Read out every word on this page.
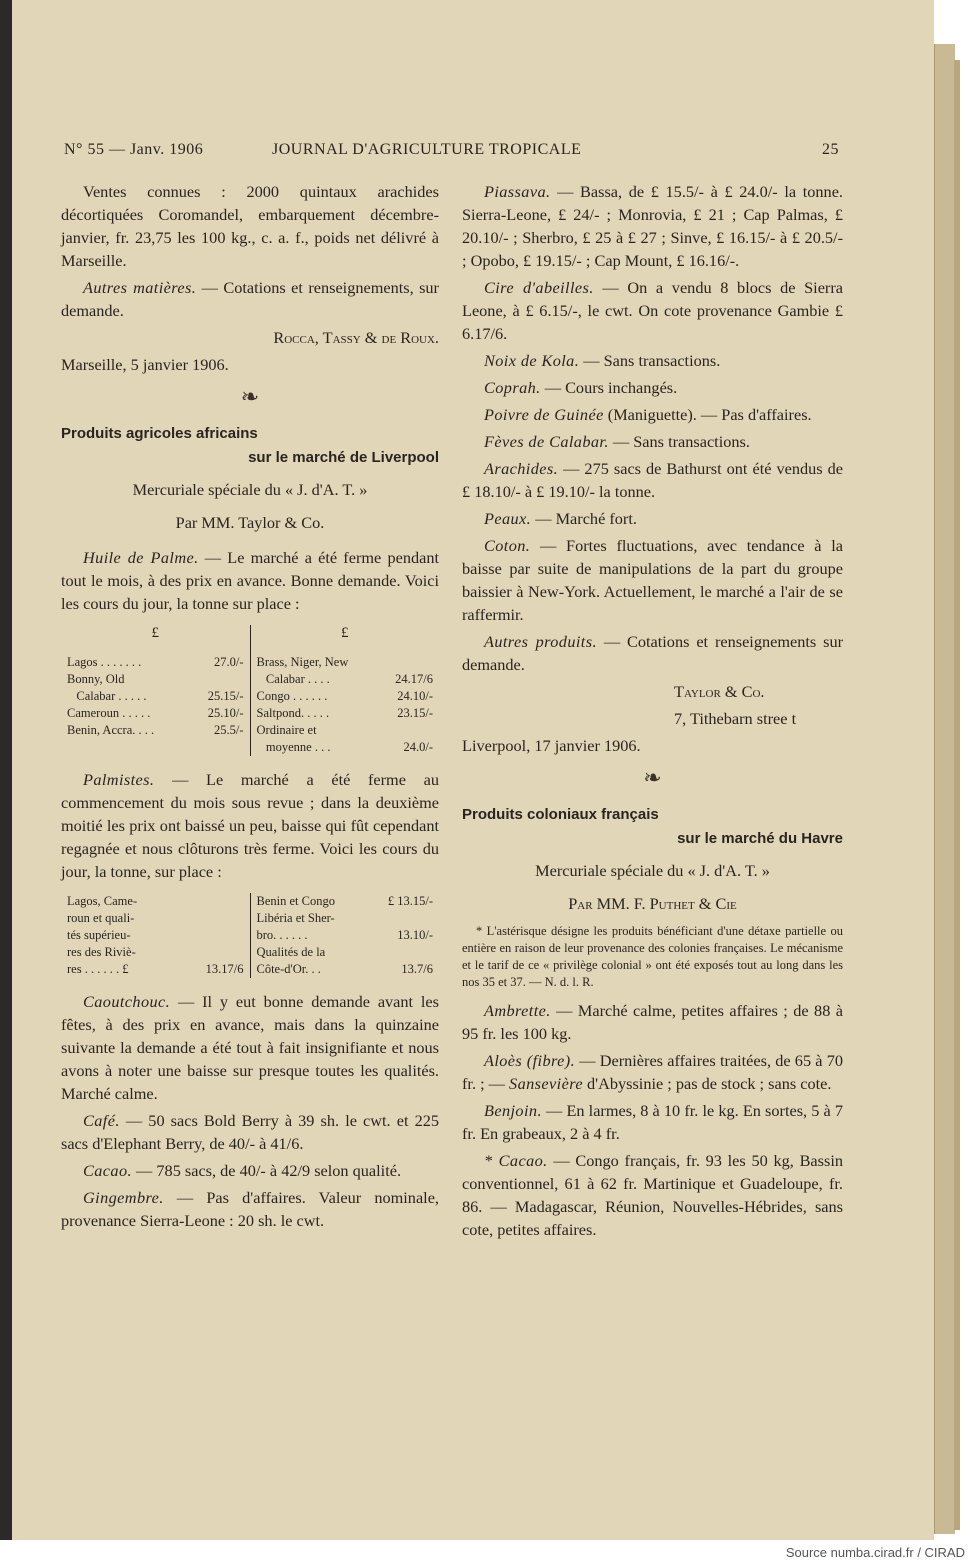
N° 55 — Janv. 1906	JOURNAL D'AGRICULTURE TROPICALE	25

Ventes connues : 2000 quintaux arachides décortiquées Coromandel, embarquement décembre-janvier, fr. 23,75 les 100 kg., c. a. f., poids net délivré à Marseille.

Autres matières. — Cotations et renseignements, sur demande.

Rocca, Tassy & de Roux.

Marseille, 5 janvier 1906.

❧
Produits agricoles africains
sur le marché de Liverpool

Mercuriale spéciale du « J. d'A. T. »

Par MM. Taylor & Co.

Huile de Palme. — Le marché a été ferme pendant tout le mois, à des prix en avance. Bonne demande. Voici les cours du jour, la tonne sur place :

£
Lagos . . . . . . .	27.0/-
Bonny, Old
Calabar . . . . .	25.15/-
Cameroun . . . . .	25.10/-
Benin, Accra. . . .	25.5/-
£
Brass, Niger, New
Calabar . . . .	24.17/6
Congo . . . . . .	24.10/-
Saltpond. . . . .	23.15/-
Ordinaire et
moyenne . . .	24.0/-

Palmistes. — Le marché a été ferme au commencement du mois sous revue ; dans la deuxième moitié les prix ont baissé un peu, baisse qui fût cependant regagnée et nous clôturons très ferme. Voici les cours du jour, la tonne, sur place :

Lagos, Came-
roun et quali-
tés supérieu-
res des Riviè-
res . . . . . . £	13.17/6
Benin et Congo	£ 13.15/-
Libéria et Sher-
bro. . . . . .	13.10/-
Qualités de la
Côte-d'Or. . .	13.7/6

Caoutchouc. — Il y eut bonne demande avant les fêtes, à des prix en avance, mais dans la quinzaine suivante la demande a été tout à fait insignifiante et nous avons à noter une baisse sur presque toutes les qualités. Marché calme.

Café. — 50 sacs Bold Berry à 39 sh. le cwt. et 225 sacs d'Elephant Berry, de 40/- à 41/6.

Cacao. — 785 sacs, de 40/- à 42/9 selon qualité.

Gingembre. — Pas d'affaires. Valeur nominale, provenance Sierra-Leone : 20 sh. le cwt.

Piassava. — Bassa, de £ 15.5/- à £ 24.0/- la tonne. Sierra-Leone, £ 24/- ; Monrovia, £ 21 ; Cap Palmas, £ 20.10/- ; Sherbro, £ 25 à £ 27 ; Sinve, £ 16.15/- à £ 20.5/- ; Opobo, £ 19.15/- ; Cap Mount, £ 16.16/-.

Cire d'abeilles. — On a vendu 8 blocs de Sierra Leone, à £ 6.15/-, le cwt. On cote provenance Gambie £ 6.17/6.

Noix de Kola. — Sans transactions.

Coprah. — Cours inchangés.

Poivre de Guinée (Maniguette). — Pas d'affaires.

Fèves de Calabar. — Sans transactions.

Arachides. — 275 sacs de Bathurst ont été vendus de £ 18.10/- à £ 19.10/- la tonne.

Peaux. — Marché fort.

Coton. — Fortes fluctuations, avec tendance à la baisse par suite de manipulations de la part du groupe baissier à New-York. Actuellement, le marché a l'air de se raffermir.

Autres produits. — Cotations et renseignements sur demande.

Taylor & Co.

7, Tithebarn stree t

Liverpool, 17 janvier 1906.

❧
Produits coloniaux français
sur le marché du Havre

Mercuriale spéciale du « J. d'A. T. »

Par MM. F. Puthet & Cie

* L'astérisque désigne les produits bénéficiant d'une détaxe partielle ou entière en raison de leur provenance des colonies françaises. Le mécanisme et le tarif de ce « privilège colonial » ont été exposés tout au long dans les nos 35 et 37. — N. d. l. R.

Ambrette. — Marché calme, petites affaires ; de 88 à 95 fr. les 100 kg.

Aloès (fibre). — Dernières affaires traitées, de 65 à 70 fr. ; — Sansevière d'Abyssinie ; pas de stock ; sans cote.

Benjoin. — En larmes, 8 à 10 fr. le kg. En sortes, 5 à 7 fr. En grabeaux, 2 à 4 fr.

* Cacao. — Congo français, fr. 93 les 50 kg, Bassin conventionnel, 61 à 62 fr. Martinique et Guadeloupe, fr. 86. — Madagascar, Réunion, Nouvelles-Hébrides, sans cote, petites affaires.

Source numba.cirad.fr / CIRAD
